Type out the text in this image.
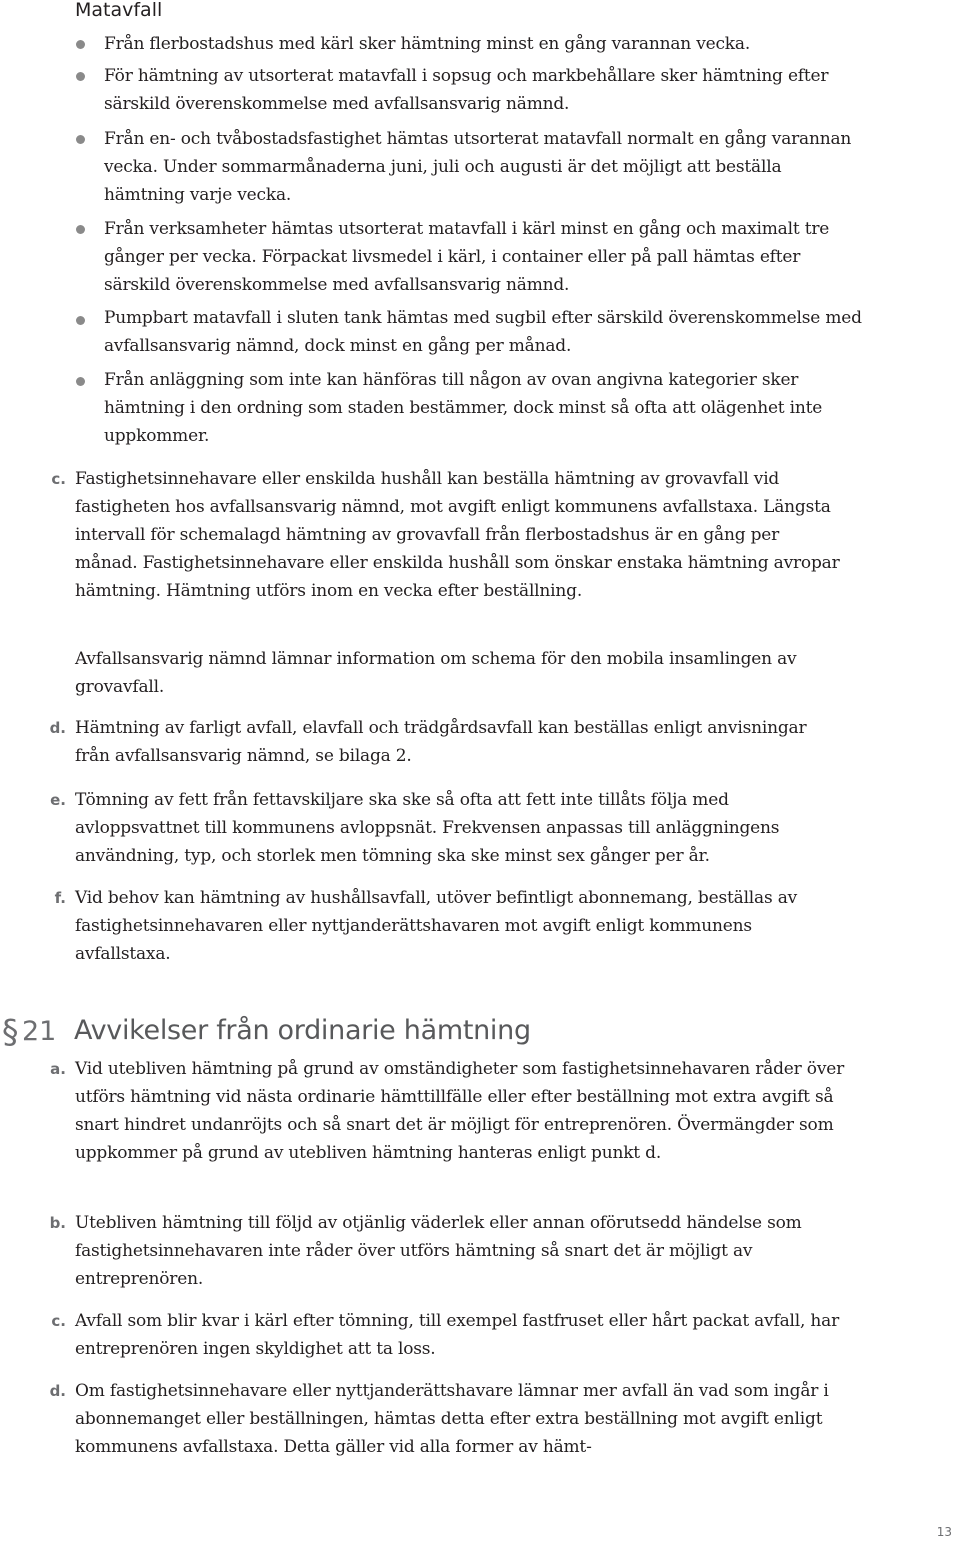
Matavfall
Från flerbostadshus med kärl sker hämtning minst en gång varannan vecka.
För hämtning av utsorterat matavfall i sopsug och markbehållare sker hämtning efter särskild överenskommelse med avfallsansvarig nämnd.
Från en- och tvåbostadsfastighet hämtas utsorterat matavfall normalt en gång varannan vecka. Under sommarmånaderna juni, juli och augusti är det möjligt att beställa hämtning varje vecka.
Från verksamheter hämtas utsorterat matavfall i kärl minst en gång och maximalt tre gånger per vecka. Förpackat livsmedel i kärl, i container eller på pall hämtas efter särskild överenskommelse med avfallsansvarig nämnd.
Pumpbart matavfall i sluten tank hämtas med sugbil efter särskild överenskommelse med avfallsansvarig nämnd, dock minst en gång per månad.
Från anläggning som inte kan hänföras till någon av ovan angivna kategorier sker hämtning i den ordning som staden bestämmer, dock minst så ofta att olägenhet inte uppkommer.
c. Fastighetsinnehavare eller enskilda hushåll kan beställa hämtning av grovavfall vid fastigheten hos avfallsansvarig nämnd, mot avgift enligt kommunens avfallstaxa. Längsta intervall för schemalagd hämtning av grovavfall från flerbostadshus är en gång per månad. Fastighetsinnehavare eller enskilda hushåll som önskar enstaka hämtning avropar hämtning. Hämtning utförs inom en vecka efter beställning.
Avfallsansvarig nämnd lämnar information om schema för den mobila insamlingen av grovavfall.
d. Hämtning av farligt avfall, elavfall och trädgårdsavfall kan beställas enligt anvisningar från avfallsansvarig nämnd, se bilaga 2.
e. Tömning av fett från fettavskiljare ska ske så ofta att fett inte tillåts följa med avloppsvattnet till kommunens avloppsnät. Frekvensen anpassas till anläggningens användning, typ, och storlek men tömning ska ske minst sex gånger per år.
f. Vid behov kan hämtning av hushållsavfall, utöver befintligt abonnemang, beställas av fastighetsinnehavaren eller nyttjanderättshavaren mot avgift enligt kommunens avfallstaxa.
§ 21 Avvikelser från ordinarie hämtning
a. Vid utebliven hämtning på grund av omständigheter som fastighetsinnehavaren råder över utförs hämtning vid nästa ordinarie hämttillfälle eller efter beställning mot extra avgift så snart hindret undanröjts och så snart det är möjligt för entreprenören. Övermängder som uppkommer på grund av utebliven hämtning hanteras enligt punkt d.
b. Utebliven hämtning till följd av otjänlig väderlek eller annan oförutsedd händelse som fastighetsinnehavaren inte råder över utförs hämtning så snart det är möjligt av entreprenören.
c. Avfall som blir kvar i kärl efter tömning, till exempel fastfruset eller hårt packat avfall, har entreprenören ingen skyldighet att ta loss.
d. Om fastighetsinnehavare eller nyttjanderättshavare lämnar mer avfall än vad som ingår i abonnemanget eller beställningen, hämtas detta efter extra beställning mot avgift enligt kommunens avfallstaxa. Detta gäller vid alla former av hämt-
13
